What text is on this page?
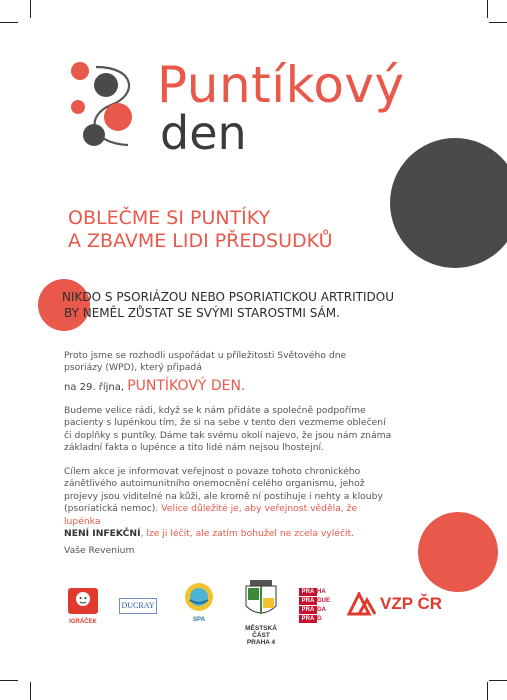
Puntíkový
den
OBLEČME SI PUNTÍKY
A ZBAVME LIDI PŘEDSUDKŮ
NIKDO S PSORIÁZOU NEBO PSORIATICKOU ARTRITIDOU
BY NEMĚL ZŮSTAT SE SVÝMI STAROSTMI SÁM.
Proto jsme se rozhodli uspořádat u příležitosti Světového dne psoriázy (WPD), který připadá
na 29. října, PUNTÍKOVÝ DEN.
Budeme velice rádi, když se k nám přidáte a společně podpoříme pacienty s lupénkou tím, že si na sebe v tento den vezmeme oblečení či doplňky s puntíky. Dáme tak svému okolí najevo, že jsou nám známa základní fakta o lupénce a tito lidé nám nejsou lhostejní.
Cílem akce je informovat veřejnost o povaze tohoto chronického zánětlivého autoimunitního onemocnění celého organismu, jehož projevy jsou viditelné na kůži, ale kromě ní postihuje i nehty a klouby (psoriatická nemoc). Velice důležité je, aby veřejnost věděla, že lupénka
NENÍ INFEKČNÍ, lze ji léčit, ale zatím bohužel ne zcela vyléčit.
Vaše Revenium
IGRÁČEK
DUCRAY
SPA
MĚSTSKÁ ČÁST
PRAHA 4
PRA HA
PRA GUE
PRA GA
PRA G
VZP ČR
